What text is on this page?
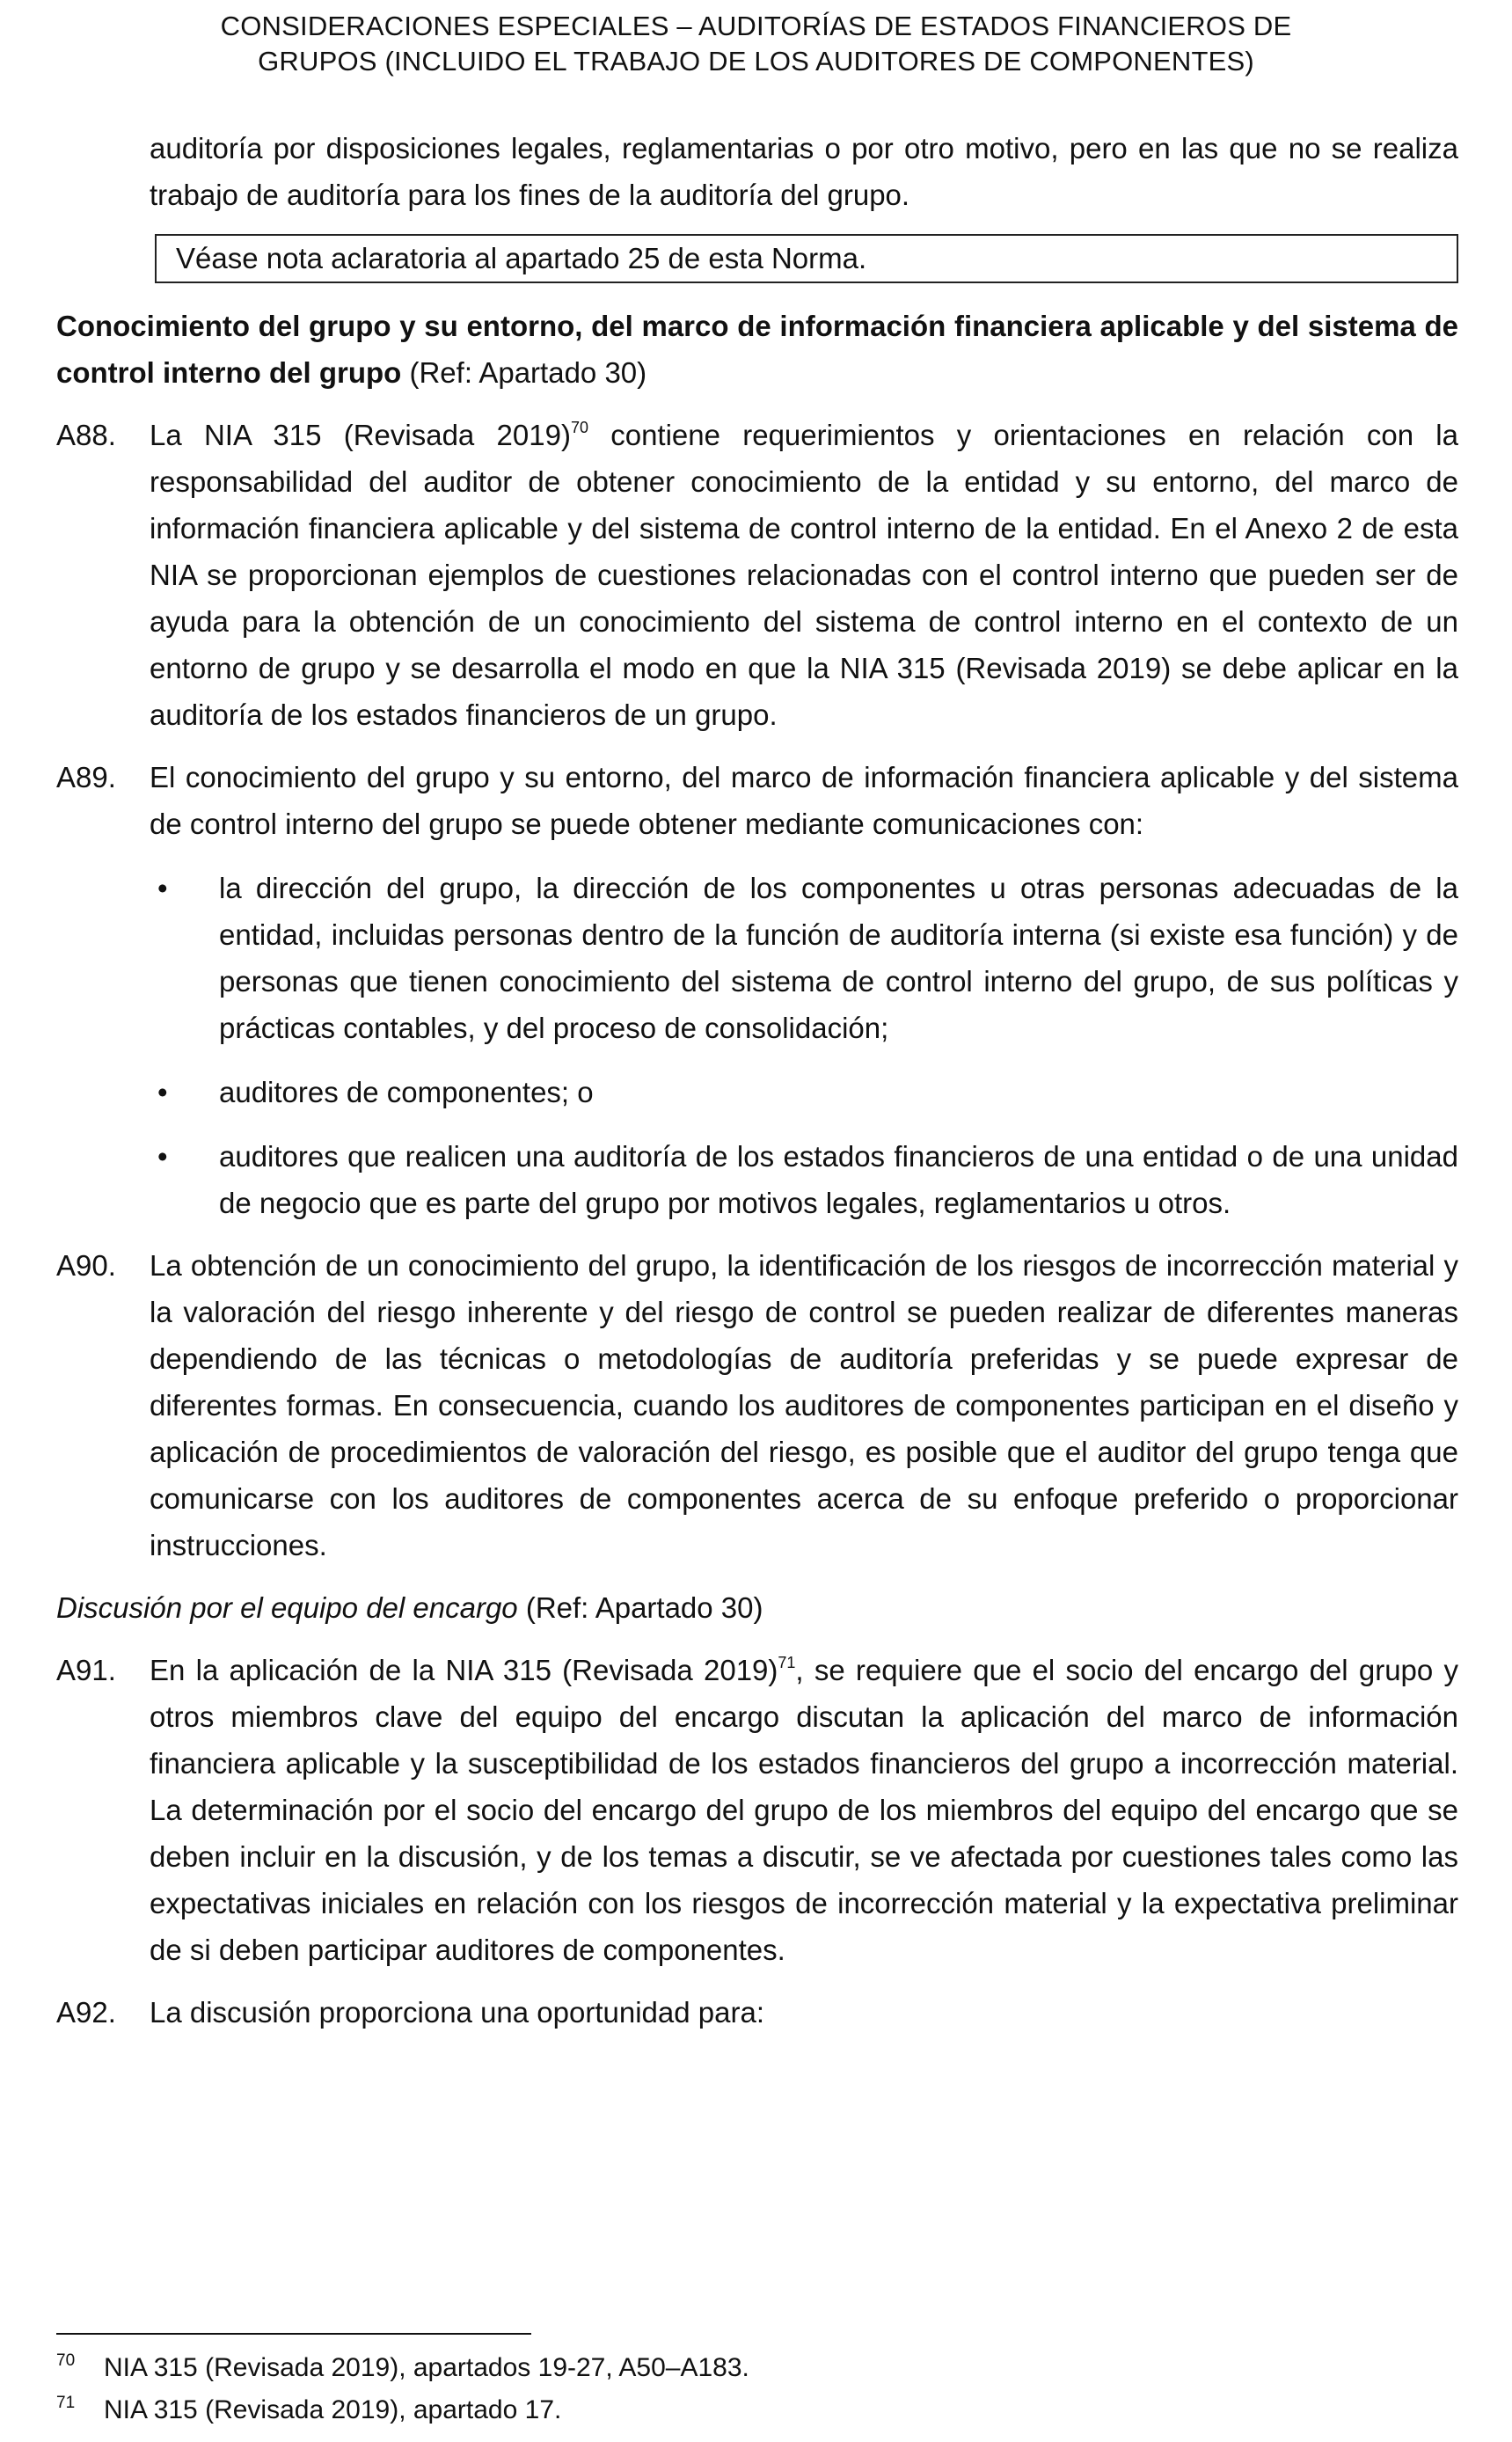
CONSIDERACIONES ESPECIALES – AUDITORÍAS DE ESTADOS FINANCIEROS DE
GRUPOS (INCLUIDO EL TRABAJO DE LOS AUDITORES DE COMPONENTES)

auditoría por disposiciones legales, reglamentarias o por otro motivo, pero en las que no se realiza trabajo de auditoría para los fines de la auditoría del grupo.

Véase nota aclaratoria al apartado 25 de esta Norma.

Conocimiento del grupo y su entorno, del marco de información financiera aplicable y del sistema de control interno del grupo (Ref: Apartado 30)

A88. La NIA 315 (Revisada 2019)$^{70}$ contiene requerimientos y orientaciones en relación con la responsabilidad del auditor de obtener conocimiento de la entidad y su entorno, del marco de información financiera aplicable y del sistema de control interno de la entidad. En el Anexo 2 de esta NIA se proporcionan ejemplos de cuestiones relacionadas con el control interno que pueden ser de ayuda para la obtención de un conocimiento del sistema de control interno en el contexto de un entorno de grupo y se desarrolla el modo en que la NIA 315 (Revisada 2019) se debe aplicar en la auditoría de los estados financieros de un grupo.
A89. El conocimiento del grupo y su entorno, del marco de información financiera aplicable y del sistema de control interno del grupo se puede obtener mediante comunicaciones con:
• la dirección del grupo, la dirección de los componentes u otras personas adecuadas de la entidad, incluidas personas dentro de la función de auditoría interna (si existe esa función) y de personas que tienen conocimiento del sistema de control interno del grupo, de sus políticas y prácticas contables, y del proceso de consolidación;
• auditores de componentes; o
• auditores que realicen una auditoría de los estados financieros de una entidad o de una unidad de negocio que es parte del grupo por motivos legales, reglamentarios u otros.
A90. La obtención de un conocimiento del grupo, la identificación de los riesgos de incorrección material y la valoración del riesgo inherente y del riesgo de control se pueden realizar de diferentes maneras dependiendo de las técnicas o metodologías de auditoría preferidas y se puede expresar de diferentes formas. En consecuencia, cuando los auditores de componentes participan en el diseño y aplicación de procedimientos de valoración del riesgo, es posible que el auditor del grupo tenga que comunicarse con los auditores de componentes acerca de su enfoque preferido o proporcionar instrucciones.

Discusión por el equipo del encargo (Ref: Apartado 30)

A91. En la aplicación de la NIA 315 (Revisada 2019)$^{71}$, se requiere que el socio del encargo del grupo y otros miembros clave del equipo del encargo discutan la aplicación del marco de información financiera aplicable y la susceptibilidad de los estados financieros del grupo a incorrección material. La determinación por el socio del encargo del grupo de los miembros del equipo del encargo que se deben incluir en la discusión, y de los temas a discutir, se ve afectada por cuestiones tales como las expectativas iniciales en relación con los riesgos de incorrección material y la expectativa preliminar de si deben participar auditores de componentes.
A92. La discusión proporciona una oportunidad para:
70 NIA 315 (Revisada 2019), apartados 19-27, A50–A183.
71 NIA 315 (Revisada 2019), apartado 17.
